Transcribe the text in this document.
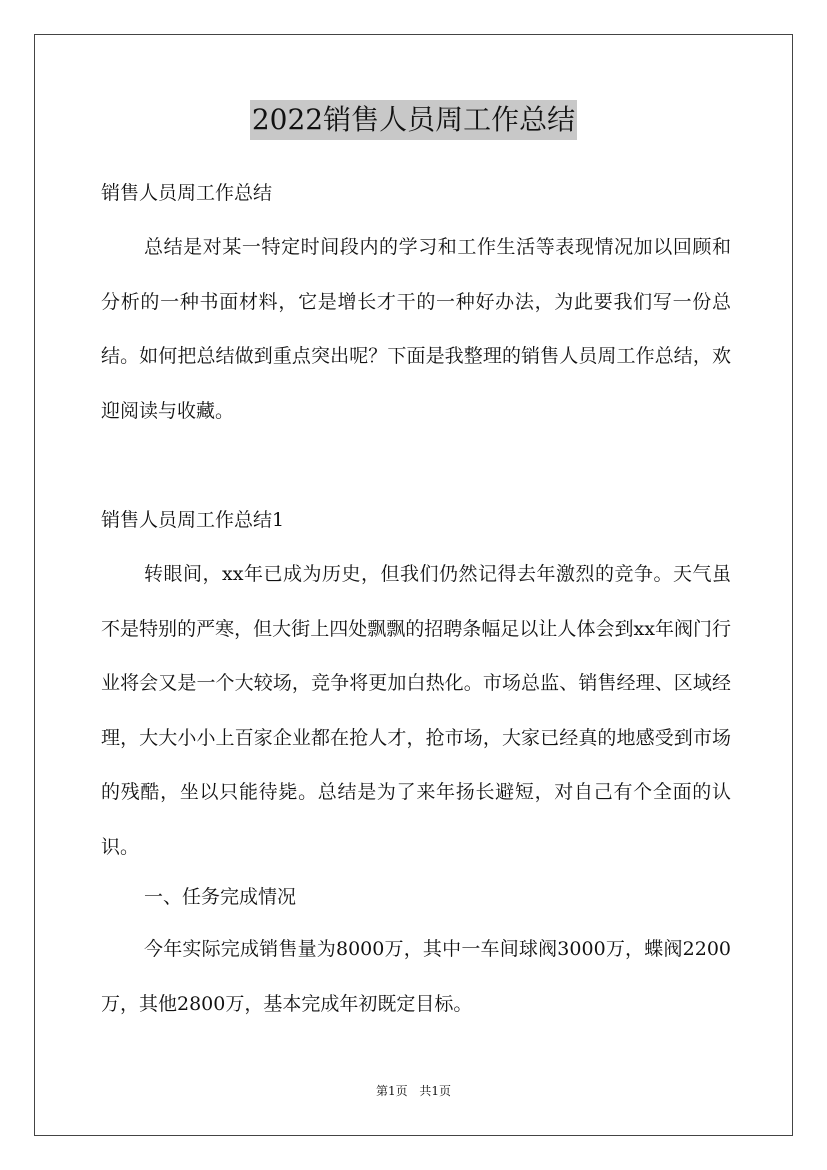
2022销售人员周工作总结
销售人员周工作总结
总结是对某一特定时间段内的学习和工作生活等表现情况加以回顾和分析的一种书面材料，它是增长才干的一种好办法，为此要我们写一份总结。如何把总结做到重点突出呢？下面是我整理的销售人员周工作总结，欢迎阅读与收藏。
销售人员周工作总结1
转眼间，xx年已成为历史，但我们仍然记得去年激烈的竞争。天气虽不是特别的严寒，但大街上四处飘飘的招聘条幅足以让人体会到xx年阀门行业将会又是一个大较场，竞争将更加白热化。市场总监、销售经理、区域经理，大大小小上百家企业都在抢人才，抢市场，大家已经真的地感受到市场的残酷，坐以只能待毙。总结是为了来年扬长避短，对自己有个全面的认识。
一、任务完成情况
今年实际完成销售量为8000万，其中一车间球阀3000万，蝶阀2200万，其他2800万，基本完成年初既定目标。
第1页 共1页
